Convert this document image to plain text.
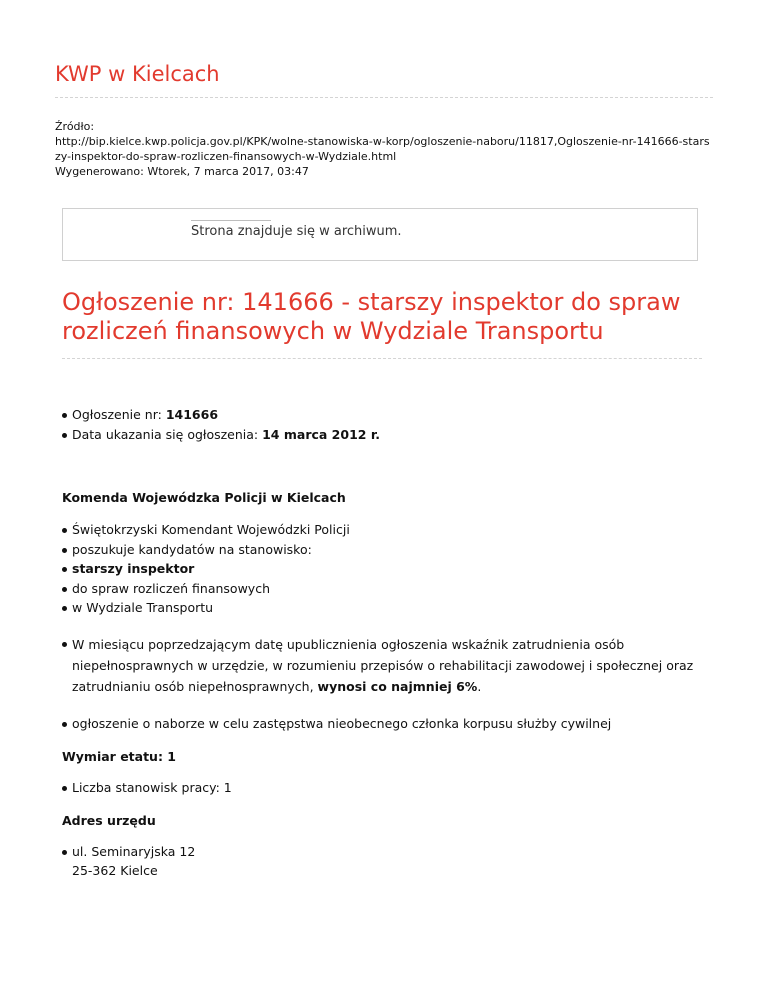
KWP w Kielcach
Źródło:
http://bip.kielce.kwp.policja.gov.pl/KPK/wolne-stanowiska-w-korp/ogloszenie-naboru/11817,Ogloszenie-nr-141666-starszy-inspektor-do-spraw-rozliczen-finansowych-w-Wydziale.html
Wygenerowano: Wtorek, 7 marca 2017, 03:47
Strona znajduje się w archiwum.
Ogłoszenie nr: 141666 - starszy inspektor do spraw rozliczeń finansowych w Wydziale Transportu
Ogłoszenie nr: 141666
Data ukazania się ogłoszenia: 14 marca 2012 r.
Komenda Wojewódzka Policji w Kielcach
Świętokrzyski Komendant Wojewódzki Policji
poszukuje kandydatów na stanowisko:
starszy inspektor
do spraw rozliczeń finansowych
w Wydziale Transportu
W miesiącu poprzedzającym datę upublicznienia ogłoszenia wskaźnik zatrudnienia osób niepełnosprawnych w urzędzie, w rozumieniu przepisów o rehabilitacji zawodowej i społecznej oraz zatrudnianiu osób niepełnosprawnych, wynosi co najmniej 6%.
ogłoszenie o naborze w celu zastępstwa nieobecnego członka korpusu służby cywilnej
Wymiar etatu: 1
Liczba stanowisk pracy: 1
Adres urzędu
ul. Seminaryjska 12
25-362 Kielce
